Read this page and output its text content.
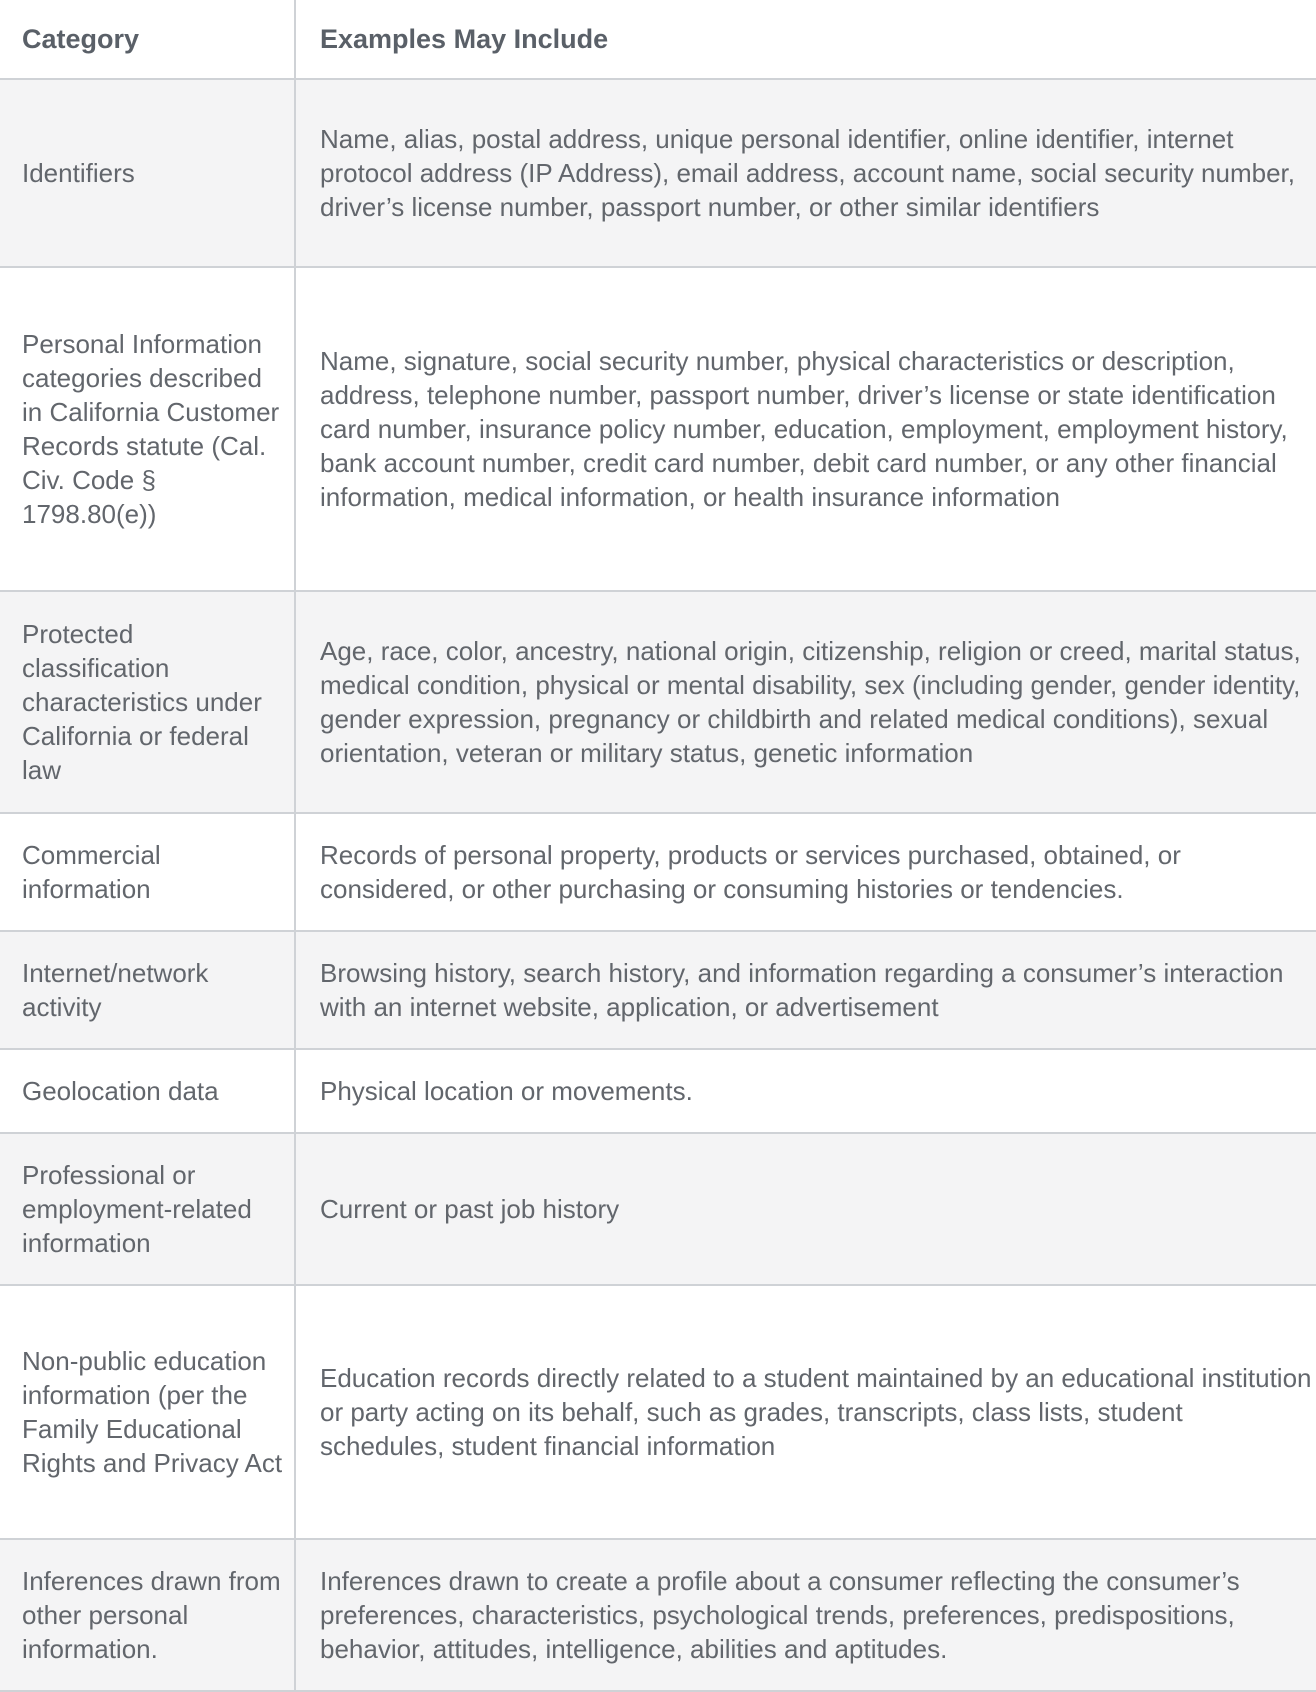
Category	Examples May Include
Identifiers	Name, alias, postal address, unique personal identifier, online identifier, internet protocol address (IP Address), email address, account name, social security number, driver’s license number, passport number, or other similar identifiers
Personal Information categories described in California Customer Records statute (Cal. Civ. Code § 1798.80(e))	Name, signature, social security number, physical characteristics or description, address, telephone number, passport number, driver’s license or state identification card number, insurance policy number, education, employment, employment history, bank account number, credit card number, debit card number, or any other financial information, medical information, or health insurance information
Protected classification characteristics under California or federal law	Age, race, color, ancestry, national origin, citizenship, religion or creed, marital status, medical condition, physical or mental disability, sex (including gender, gender identity, gender expression, pregnancy or childbirth and related medical conditions), sexual orientation, veteran or military status, genetic information
Commercial information	Records of personal property, products or services purchased, obtained, or considered, or other purchasing or consuming histories or tendencies.
Internet/network activity	Browsing history, search history, and information regarding a consumer’s interaction with an internet website, application, or advertisement
Geolocation data	Physical location or movements.
Professional or employment-related information	Current or past job history
Non-public education information (per the Family Educational Rights and Privacy Act	Education records directly related to a student maintained by an educational institution or party acting on its behalf, such as grades, transcripts, class lists, student schedules, student financial information
Inferences drawn from other personal information.	Inferences drawn to create a profile about a consumer reflecting the consumer’s preferences, characteristics, psychological trends, preferences, predispositions, behavior, attitudes, intelligence, abilities and aptitudes.
